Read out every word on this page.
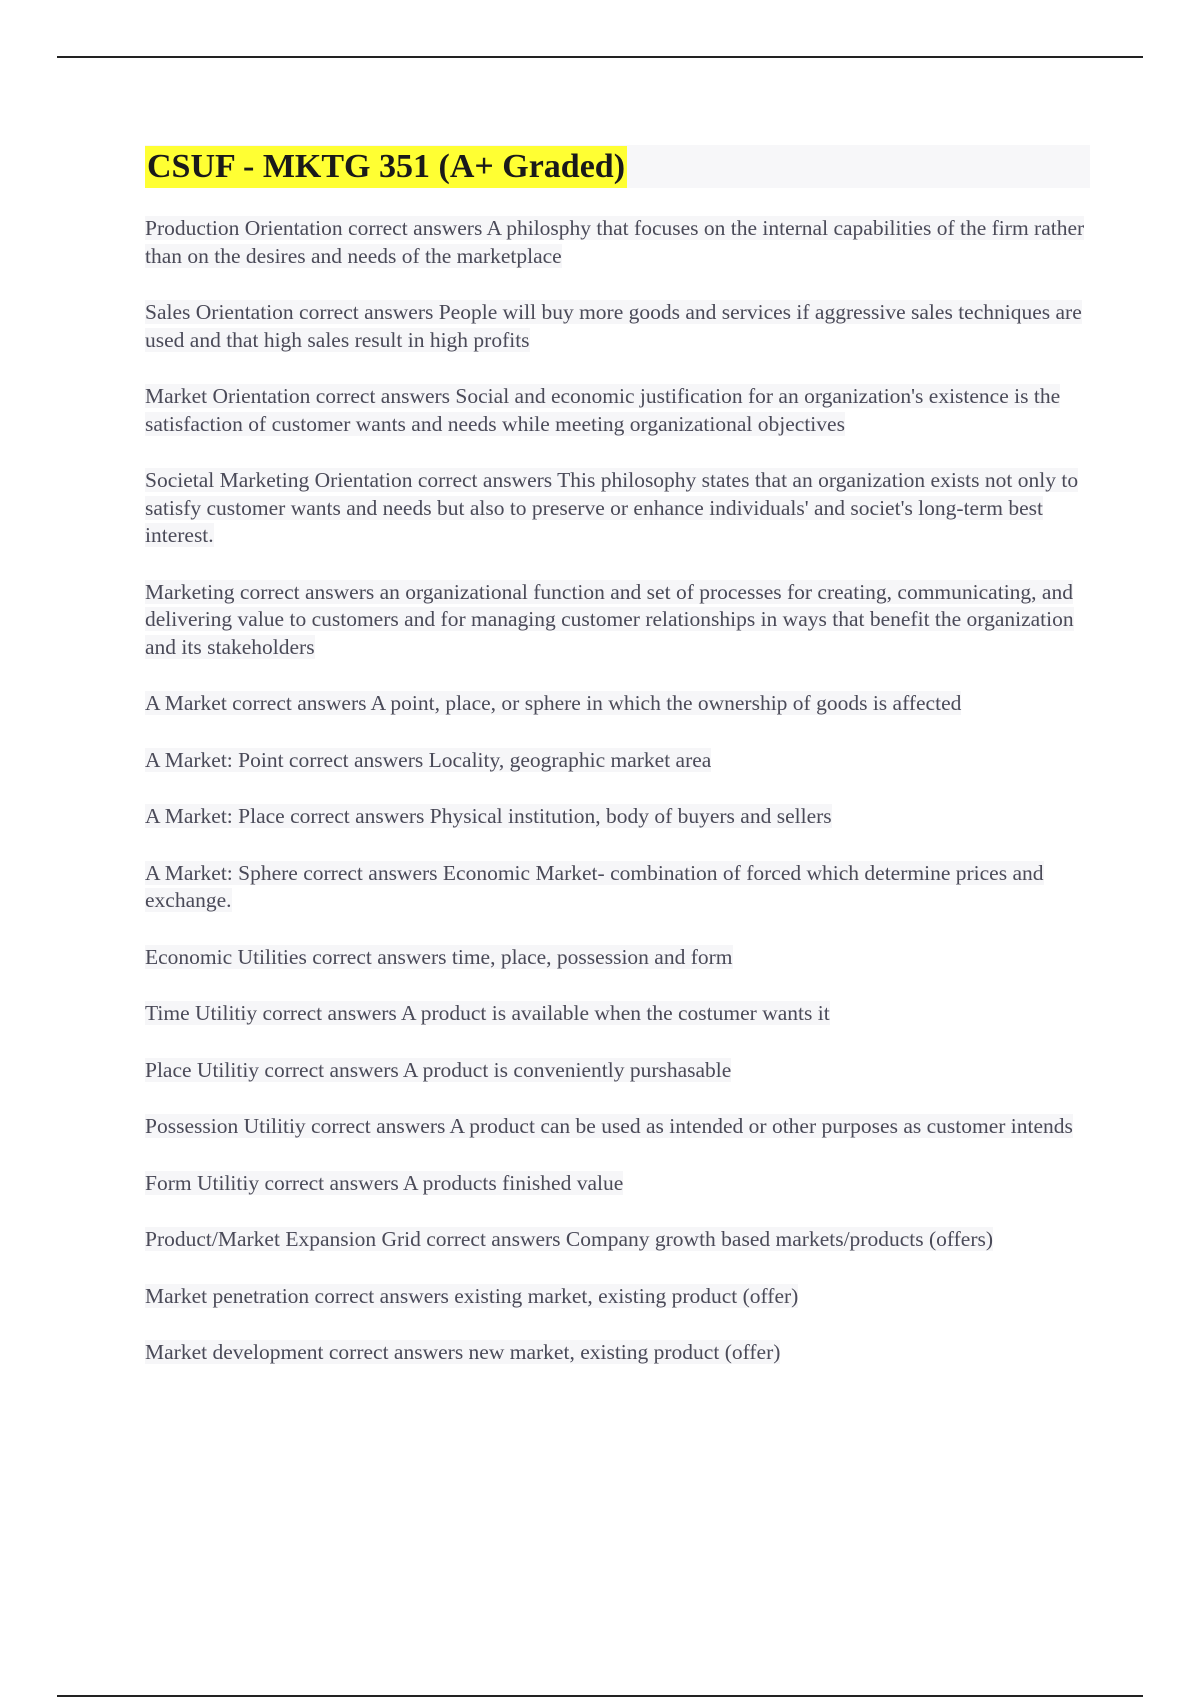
CSUF - MKTG 351 (A+ Graded)

Production Orientation correct answers A philosphy that focuses on the internal capabilities of the firm rather than on the desires and needs of the marketplace

Sales Orientation correct answers People will buy more goods and services if aggressive sales techniques are used and that high sales result in high profits

Market Orientation correct answers Social and economic justification for an organization's existence is the satisfaction of customer wants and needs while meeting organizational objectives

Societal Marketing Orientation correct answers This philosophy states that an organization exists not only to satisfy customer wants and needs but also to preserve or enhance individuals' and societ's long-term best interest.

Marketing correct answers an organizational function and set of processes for creating, communicating, and delivering value to customers and for managing customer relationships in ways that benefit the organization and its stakeholders

A Market correct answers A point, place, or sphere in which the ownership of goods is affected

A Market: Point correct answers Locality, geographic market area

A Market: Place correct answers Physical institution, body of buyers and sellers

A Market: Sphere correct answers Economic Market- combination of forced which determine prices and exchange.

Economic Utilities correct answers time, place, possession and form

Time Utilitiy correct answers A product is available when the costumer wants it

Place Utilitiy correct answers A product is conveniently purshasable

Possession Utilitiy correct answers A product can be used as intended or other purposes as customer intends

Form Utilitiy correct answers A products finished value

Product/Market Expansion Grid correct answers Company growth based markets/products (offers)

Market penetration correct answers existing market, existing product (offer)

Market development correct answers new market, existing product (offer)
